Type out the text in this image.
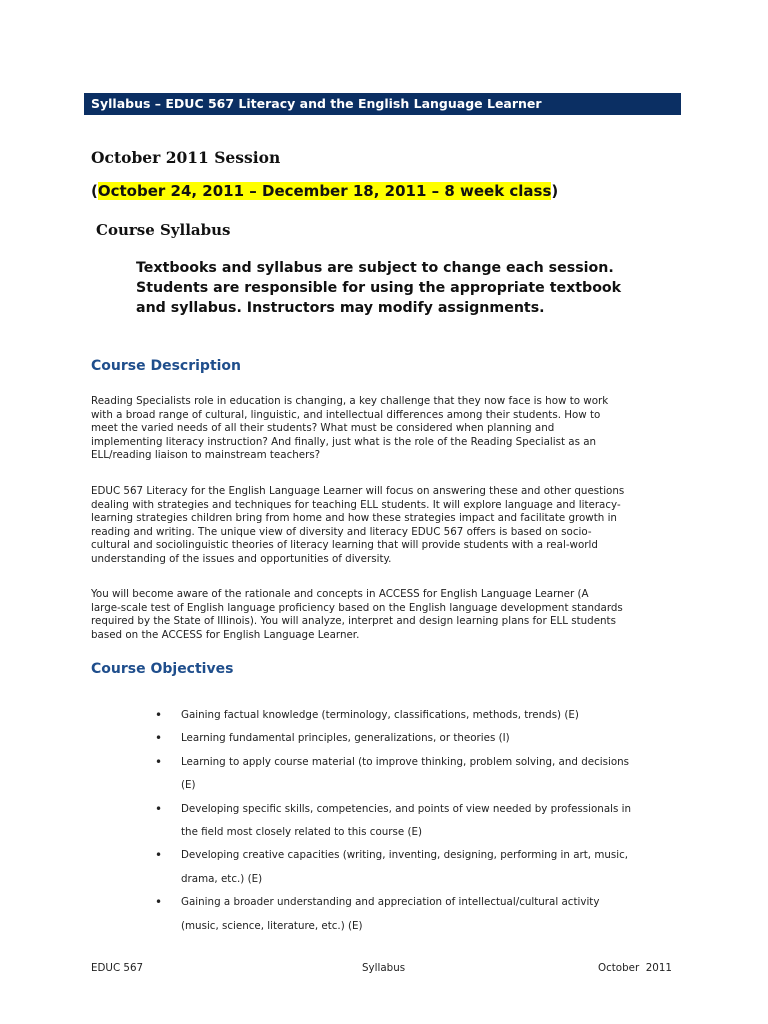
Syllabus – EDUC 567 Literacy and the English Language Learner
October 2011 Session
(October 24, 2011 – December 18, 2011 – 8 week class)
Course Syllabus
Textbooks and syllabus are subject to change each session.
Students are responsible for using the appropriate textbook
and syllabus. Instructors may modify assignments.
Course Description
Reading Specialists role in education is changing, a key challenge that they now face is how to work
with a broad range of cultural, linguistic, and intellectual differences among their students. How to
meet the varied needs of all their students? What must be considered when planning and
implementing literacy instruction? And finally, just what is the role of the Reading Specialist as an
ELL/reading liaison to mainstream teachers?
EDUC 567 Literacy for the English Language Learner will focus on answering these and other questions
dealing with strategies and techniques for teaching ELL students. It will explore language and literacy-
learning strategies children bring from home and how these strategies impact and facilitate growth in
reading and writing. The unique view of diversity and literacy EDUC 567 offers is based on socio-
cultural and sociolinguistic theories of literacy learning that will provide students with a real-world
understanding of the issues and opportunities of diversity.
You will become aware of the rationale and concepts in ACCESS for English Language Learner (A
large-scale test of English language proficiency based on the English language development standards
required by the State of Illinois). You will analyze, interpret and design learning plans for ELL students
based on the ACCESS for English Language Learner.
Course Objectives
• Gaining factual knowledge (terminology, classifications, methods, trends) (E)
• Learning fundamental principles, generalizations, or theories (I)
• Learning to apply course material (to improve thinking, problem solving, and decisions
(E)
• Developing specific skills, competencies, and points of view needed by professionals in
the field most closely related to this course (E)
• Developing creative capacities (writing, inventing, designing, performing in art, music,
drama, etc.) (E)
• Gaining a broader understanding and appreciation of intellectual/cultural activity
(music, science, literature, etc.) (E)
EDUC 567	Syllabus	October  2011
